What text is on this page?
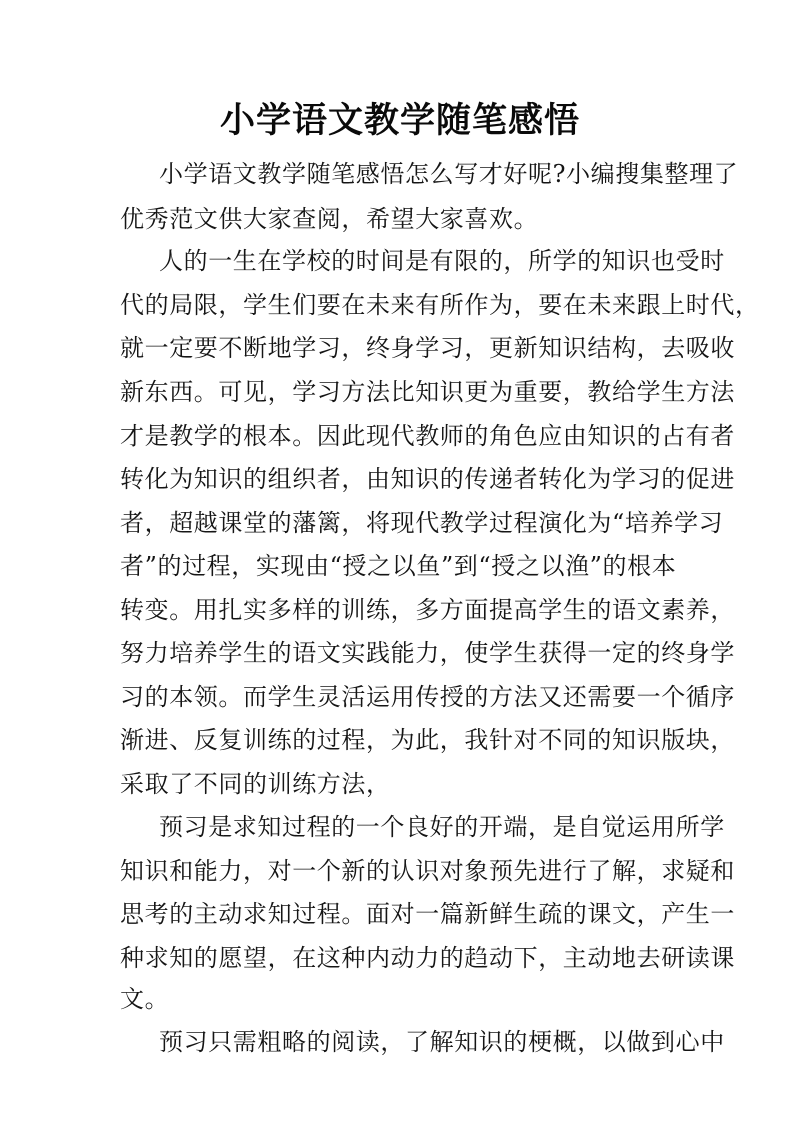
小学语文教学随笔感悟
小学语文教学随笔感悟怎么写才好呢?小编搜集整理了
优秀范文供大家查阅，希望大家喜欢。
人的一生在学校的时间是有限的，所学的知识也受时
代的局限，学生们要在未来有所作为，要在未来跟上时代，
就一定要不断地学习，终身学习，更新知识结构，去吸收
新东西。可见，学习方法比知识更为重要，教给学生方法
才是教学的根本。因此现代教师的角色应由知识的占有者
转化为知识的组织者，由知识的传递者转化为学习的促进
者，超越课堂的藩篱，将现代教学过程演化为“培养学习
者”的过程，实现由“授之以鱼”到“授之以渔”的根本
转变。用扎实多样的训练，多方面提高学生的语文素养，
努力培养学生的语文实践能力，使学生获得一定的终身学
习的本领。而学生灵活运用传授的方法又还需要一个循序
渐进、反复训练的过程，为此，我针对不同的知识版块，
采取了不同的训练方法，
预习是求知过程的一个良好的开端，是自觉运用所学
知识和能力，对一个新的认识对象预先进行了解，求疑和
思考的主动求知过程。面对一篇新鲜生疏的课文，产生一
种求知的愿望，在这种内动力的趋动下，主动地去研读课
文。
预习只需粗略的阅读，了解知识的梗概，以做到心中
